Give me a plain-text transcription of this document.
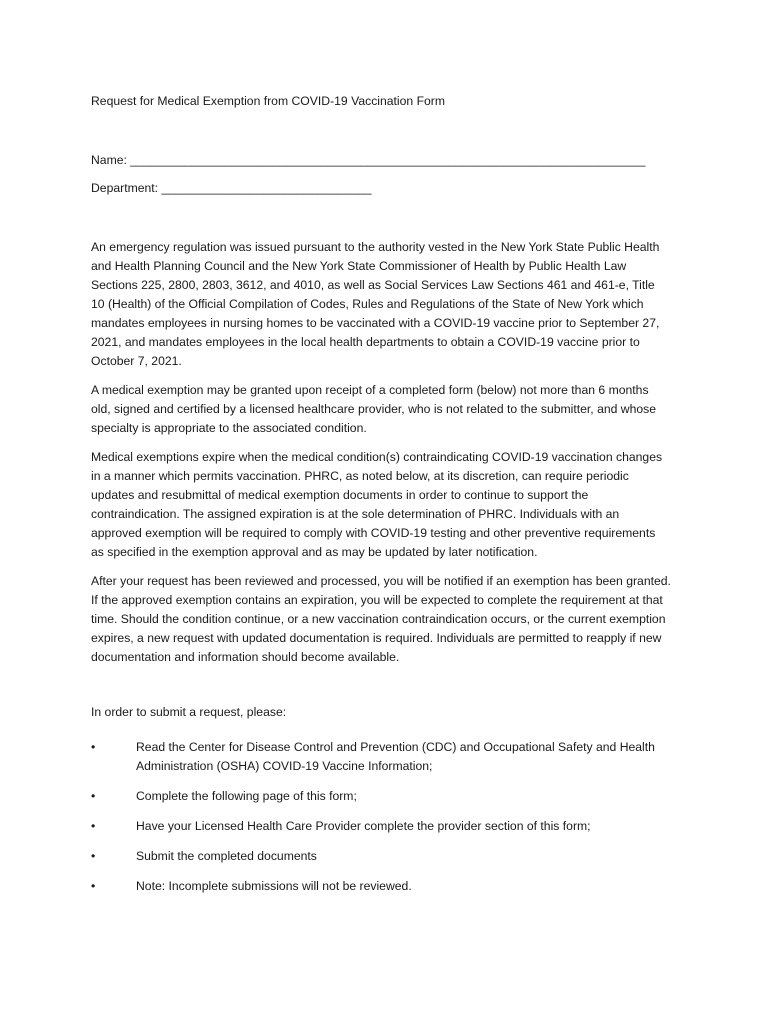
Request for Medical Exemption from COVID-19 Vaccination Form
Name: ____________________________________________________________________________
Department: _______________________________

An emergency regulation was issued pursuant to the authority vested in the New York State Public Health and Health Planning Council and the New York State Commissioner of Health by Public Health Law Sections 225, 2800, 2803, 3612, and 4010, as well as Social Services Law Sections 461 and 461-e, Title 10 (Health) of the Official Compilation of Codes, Rules and Regulations of the State of New York which mandates employees in nursing homes to be vaccinated with a COVID-19 vaccine prior to September 27, 2021, and mandates employees in the local health departments to obtain a COVID-19 vaccine prior to October 7, 2021.

A medical exemption may be granted upon receipt of a completed form (below) not more than 6 months old, signed and certified by a licensed healthcare provider, who is not related to the submitter, and whose specialty is appropriate to the associated condition.

Medical exemptions expire when the medical condition(s) contraindicating COVID-19 vaccination changes in a manner which permits vaccination. PHRC, as noted below, at its discretion, can require periodic updates and resubmittal of medical exemption documents in order to continue to support the contraindication. The assigned expiration is at the sole determination of PHRC. Individuals with an approved exemption will be required to comply with COVID-19 testing and other preventive requirements as specified in the exemption approval and as may be updated by later notification.

After your request has been reviewed and processed, you will be notified if an exemption has been granted. If the approved exemption contains an expiration, you will be expected to complete the requirement at that time. Should the condition continue, or a new vaccination contraindication occurs, or the current exemption expires, a new request with updated documentation is required. Individuals are permitted to reapply if new documentation and information should become available.

In order to submit a request, please:

•	Read the Center for Disease Control and Prevention (CDC) and Occupational Safety and Health Administration (OSHA) COVID-19 Vaccine Information;
•	Complete the following page of this form;
•	Have your Licensed Health Care Provider complete the provider section of this form;
•	Submit the completed documents
•	Note: Incomplete submissions will not be reviewed.
